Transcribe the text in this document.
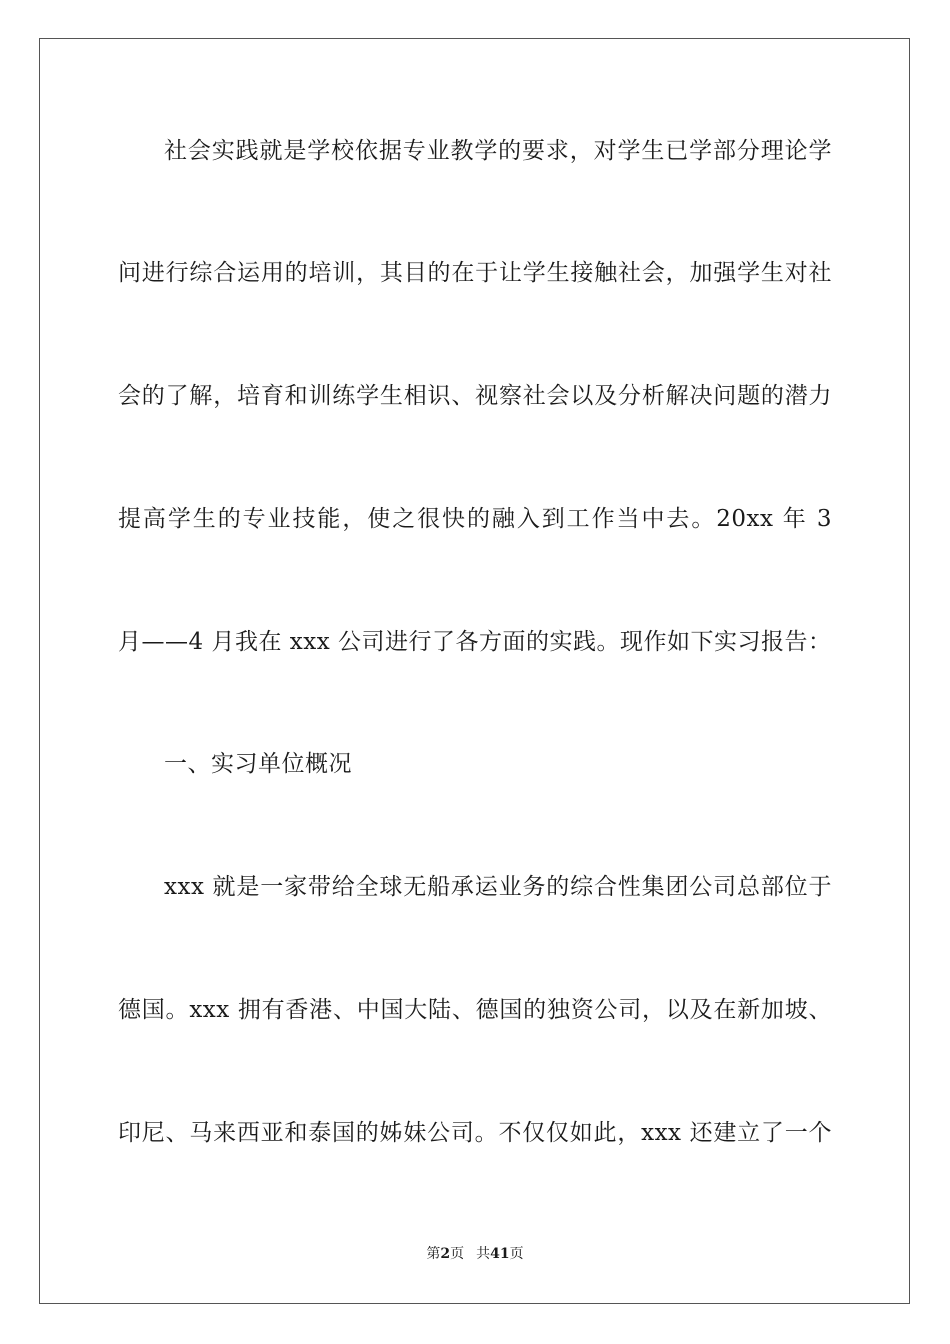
社会实践就是学校依据专业教学的要求，对学生已学部分理论学
问进行综合运用的培训，其目的在于让学生接触社会，加强学生对社
会的了解，培育和训练学生相识、视察社会以及分析解决问题的潜力
提高学生的专业技能，使之很快的融入到工作当中去。20xx 年 3
月——4 月我在 xxx 公司进行了各方面的实践。现作如下实习报告：
一、实习单位概况
xxx 就是一家带给全球无船承运业务的综合性集团公司总部位于
德国。xxx 拥有香港、中国大陆、德国的独资公司，以及在新加坡、
印尼、马来西亚和泰国的姊妹公司。不仅仅如此，xxx 还建立了一个
第2页 共41页
